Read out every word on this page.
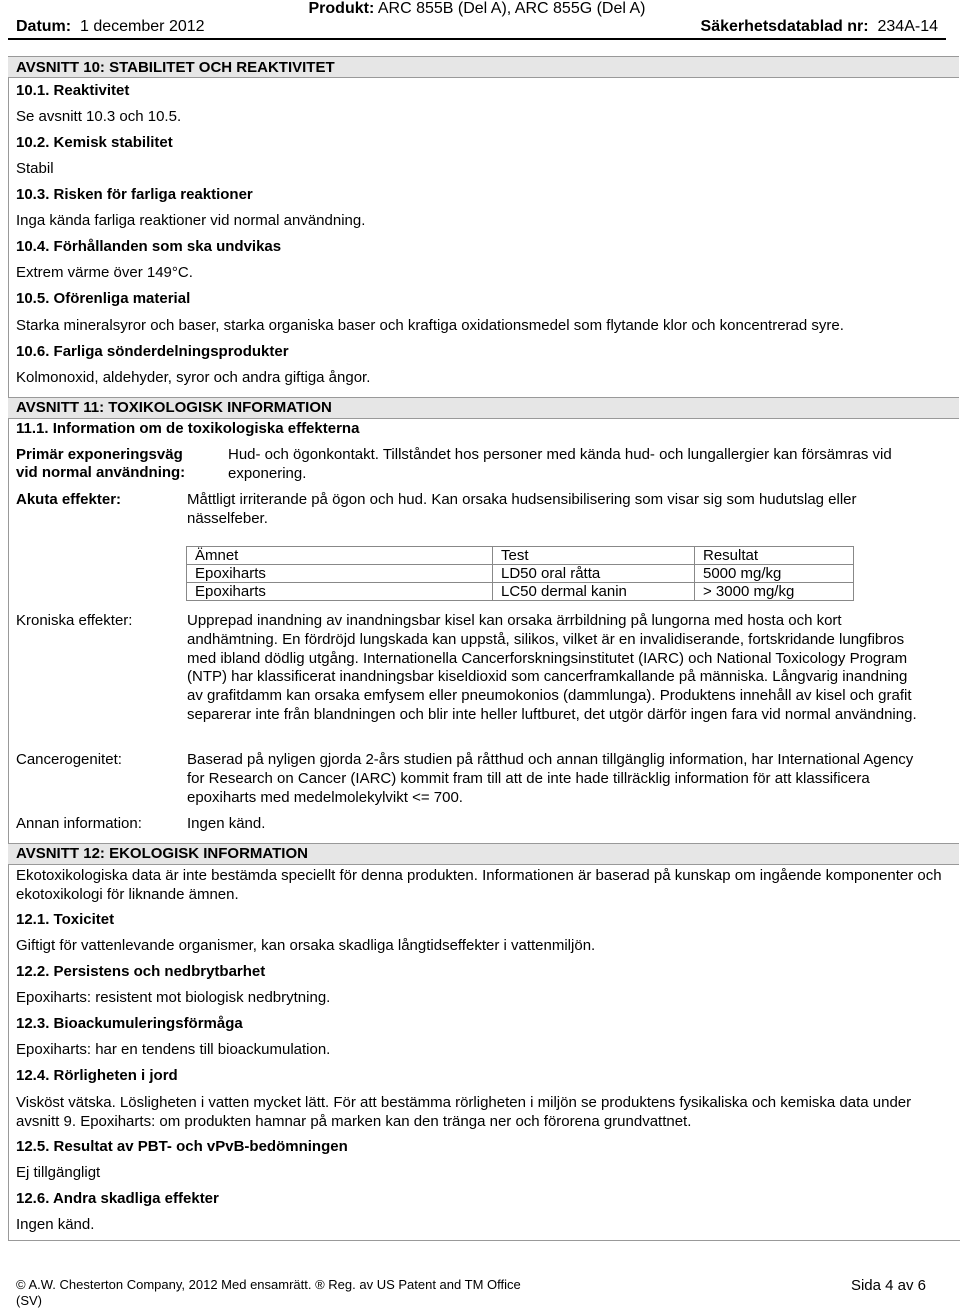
Produkt: ARC 855B (Del A), ARC 855G (Del A)
Datum: 1 december 2012	Säkerhetsdatablad nr: 234A-14
AVSNITT 10: STABILITET OCH REAKTIVITET
10.1. Reaktivitet
Se avsnitt 10.3 och 10.5.
10.2. Kemisk stabilitet
Stabil
10.3. Risken för farliga reaktioner
Inga kända farliga reaktioner vid normal användning.
10.4. Förhållanden som ska undvikas
Extrem värme över 149°C.
10.5. Oförenliga material
Starka mineralsyror och baser, starka organiska baser och kraftiga oxidationsmedel som flytande klor och koncentrerad syre.
10.6. Farliga sönderdelningsprodukter
Kolmonoxid, aldehyder, syror och andra giftiga ångor.
AVSNITT 11: TOXIKOLOGISK INFORMATION
11.1. Information om de toxikologiska effekterna
Primär exponeringsväg
vid normal användning:
Hud- och ögonkontakt. Tillståndet hos personer med kända hud- och lungallergier kan försämras vid exponering.
Akuta effekter:	Måttligt irriterande på ögon och hud. Kan orsaka hudsensibilisering som visar sig som hudutslag eller nässelfeber.
Ämnet	Test	Resultat
Epoxiharts	LD50 oral råtta	5000 mg/kg
Epoxiharts	LC50 dermal kanin	> 3000 mg/kg
Kroniska effekter:	Upprepad inandning av inandningsbar kisel kan orsaka ärrbildning på lungorna med hosta och kort andhämtning. En fördröjd lungskada kan uppstå, silikos, vilket är en invalidiserande, fortskridande lungfibros med ibland dödlig utgång. Internationella Cancerforskningsinstitutet (IARC) och National Toxicology Program (NTP) har klassificerat inandningsbar kiseldioxid som cancerframkallande på människa. Långvarig inandning av grafitdamm kan orsaka emfysem eller pneumokonios (dammlunga). Produktens innehåll av kisel och grafit separerar inte från blandningen och blir inte heller luftburet, det utgör därför ingen fara vid normal användning.
Cancerogenitet:	Baserad på nyligen gjorda 2-års studien på råtthud och annan tillgänglig information, har International Agency for Research on Cancer (IARC) kommit fram till att de inte hade tillräcklig information för att klassificera epoxiharts med medelmolekylvikt <= 700.
Annan information:	Ingen känd.
AVSNITT 12: EKOLOGISK INFORMATION
Ekotoxikologiska data är inte bestämda speciellt för denna produkten. Informationen är baserad på kunskap om ingående komponenter och ekotoxikologi för liknande ämnen.
12.1. Toxicitet
Giftigt för vattenlevande organismer, kan orsaka skadliga långtidseffekter i vattenmiljön.
12.2. Persistens och nedbrytbarhet
Epoxiharts: resistent mot biologisk nedbrytning.
12.3. Bioackumuleringsförmåga
Epoxiharts: har en tendens till bioackumulation.
12.4. Rörligheten i jord
Visköst vätska. Lösligheten i vatten mycket lätt. För att bestämma rörligheten i miljön se produktens fysikaliska och kemiska data under avsnitt 9. Epoxiharts: om produkten hamnar på marken kan den tränga ner och förorena grundvattnet.
12.5. Resultat av PBT- och vPvB-bedömningen
Ej tillgängligt
12.6. Andra skadliga effekter
Ingen känd.
© A.W. Chesterton Company, 2012 Med ensamrätt. ® Reg. av US Patent and TM Office
(SV)
Sida 4 av 6
